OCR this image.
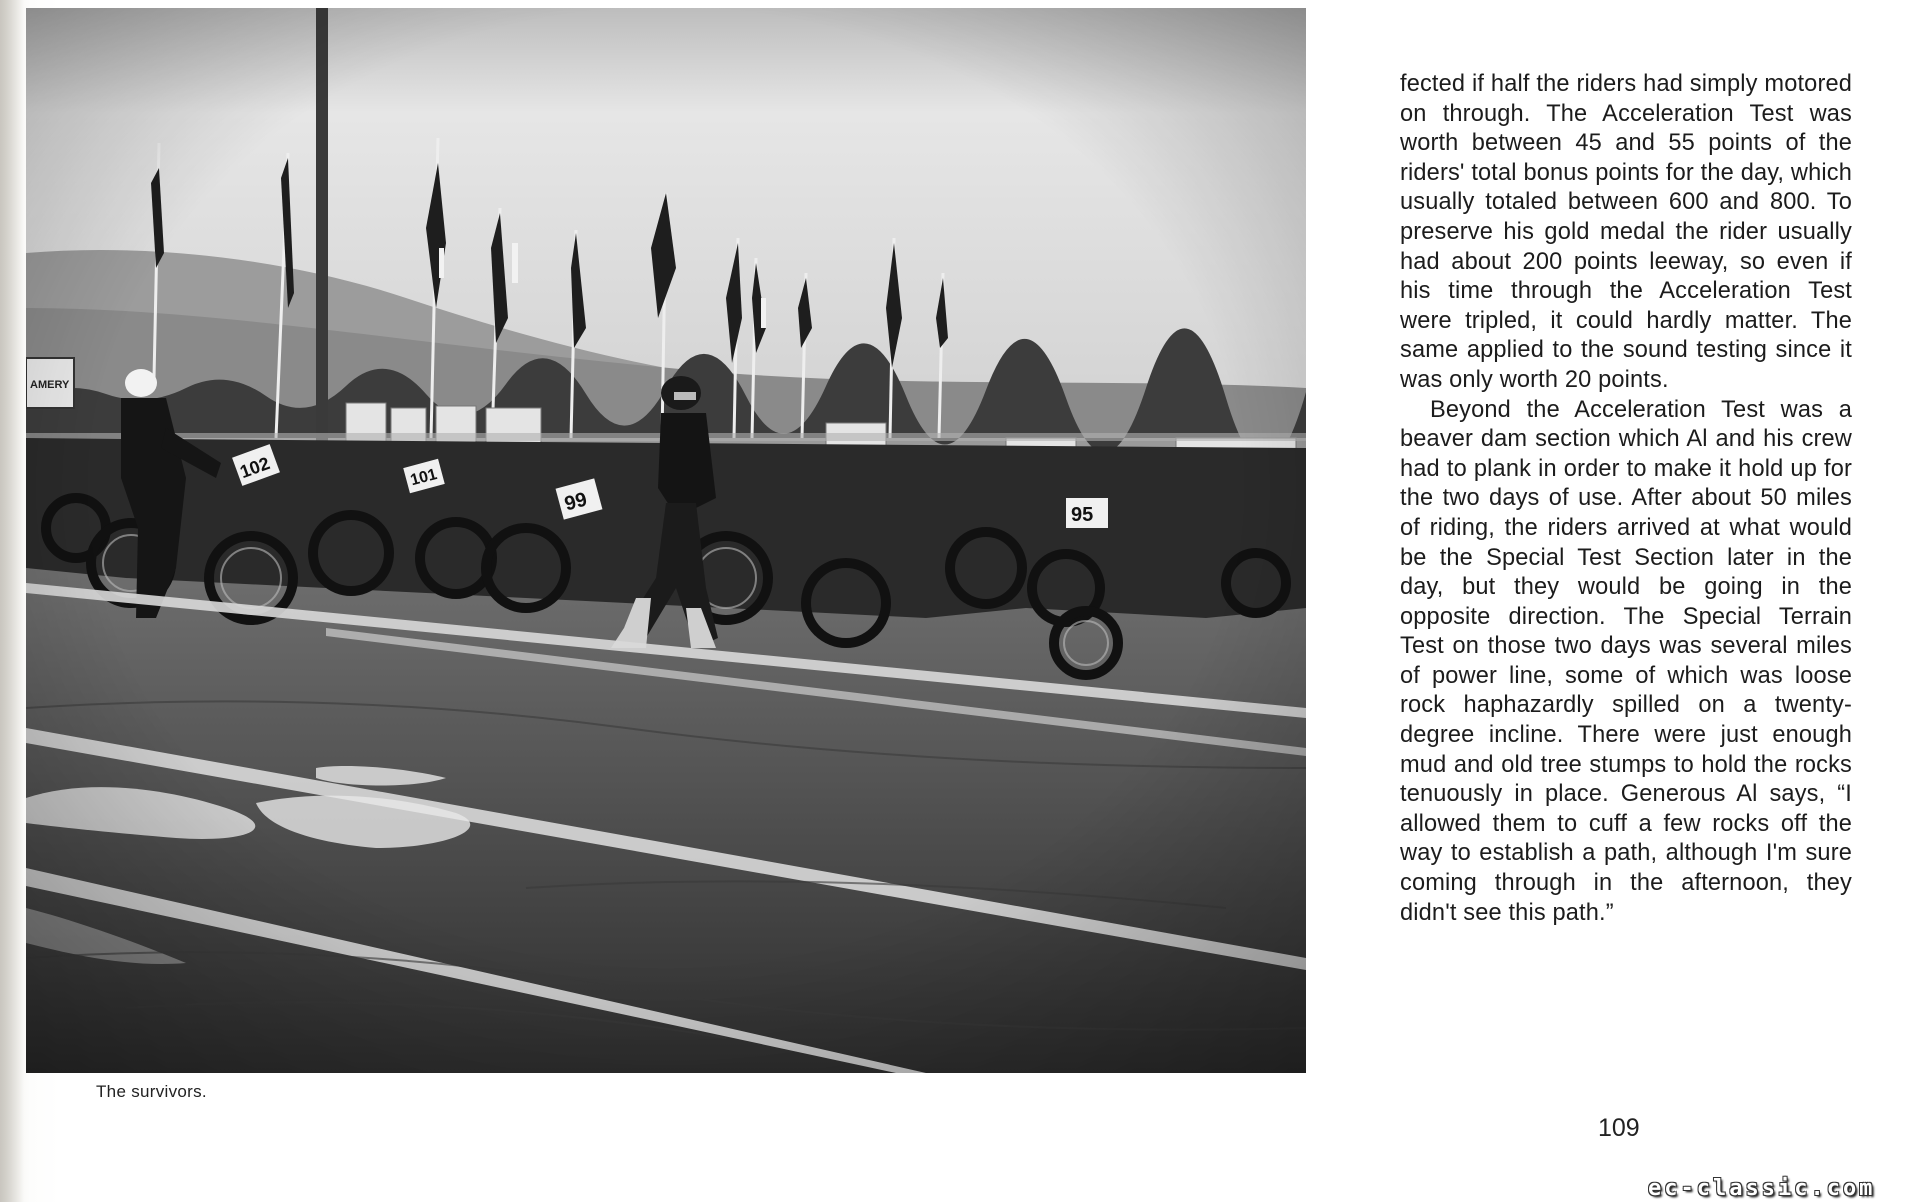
The survivors.

fected if half the riders had simply motored on through. The Acceleration Test was worth between 45 and 55 points of the riders' total bonus points for the day, which usually totaled between 600 and 800. To preserve his gold medal the rider usually had about 200 points leeway, so even if his time through the Acceleration Test were tripled, it could hardly matter. The same applied to the sound testing since it was only worth 20 points.

Beyond the Acceleration Test was a beaver dam section which Al and his crew had to plank in order to make it hold up for the two days of use. After about 50 miles of riding, the riders arrived at what would be the Special Test Section later in the day, but they would be going in the opposite direction. The Special Terrain Test on those two days was several miles of power line, some of which was loose rock haphazardly spilled on a twenty-degree incline. There were just enough mud and old tree stumps to hold the rocks tenuously in place. Generous Al says, “I allowed them to cuff a few rocks off the way to establish a path, although I'm sure coming through in the afternoon, they didn't see this path.”

109
ec-classic.com
